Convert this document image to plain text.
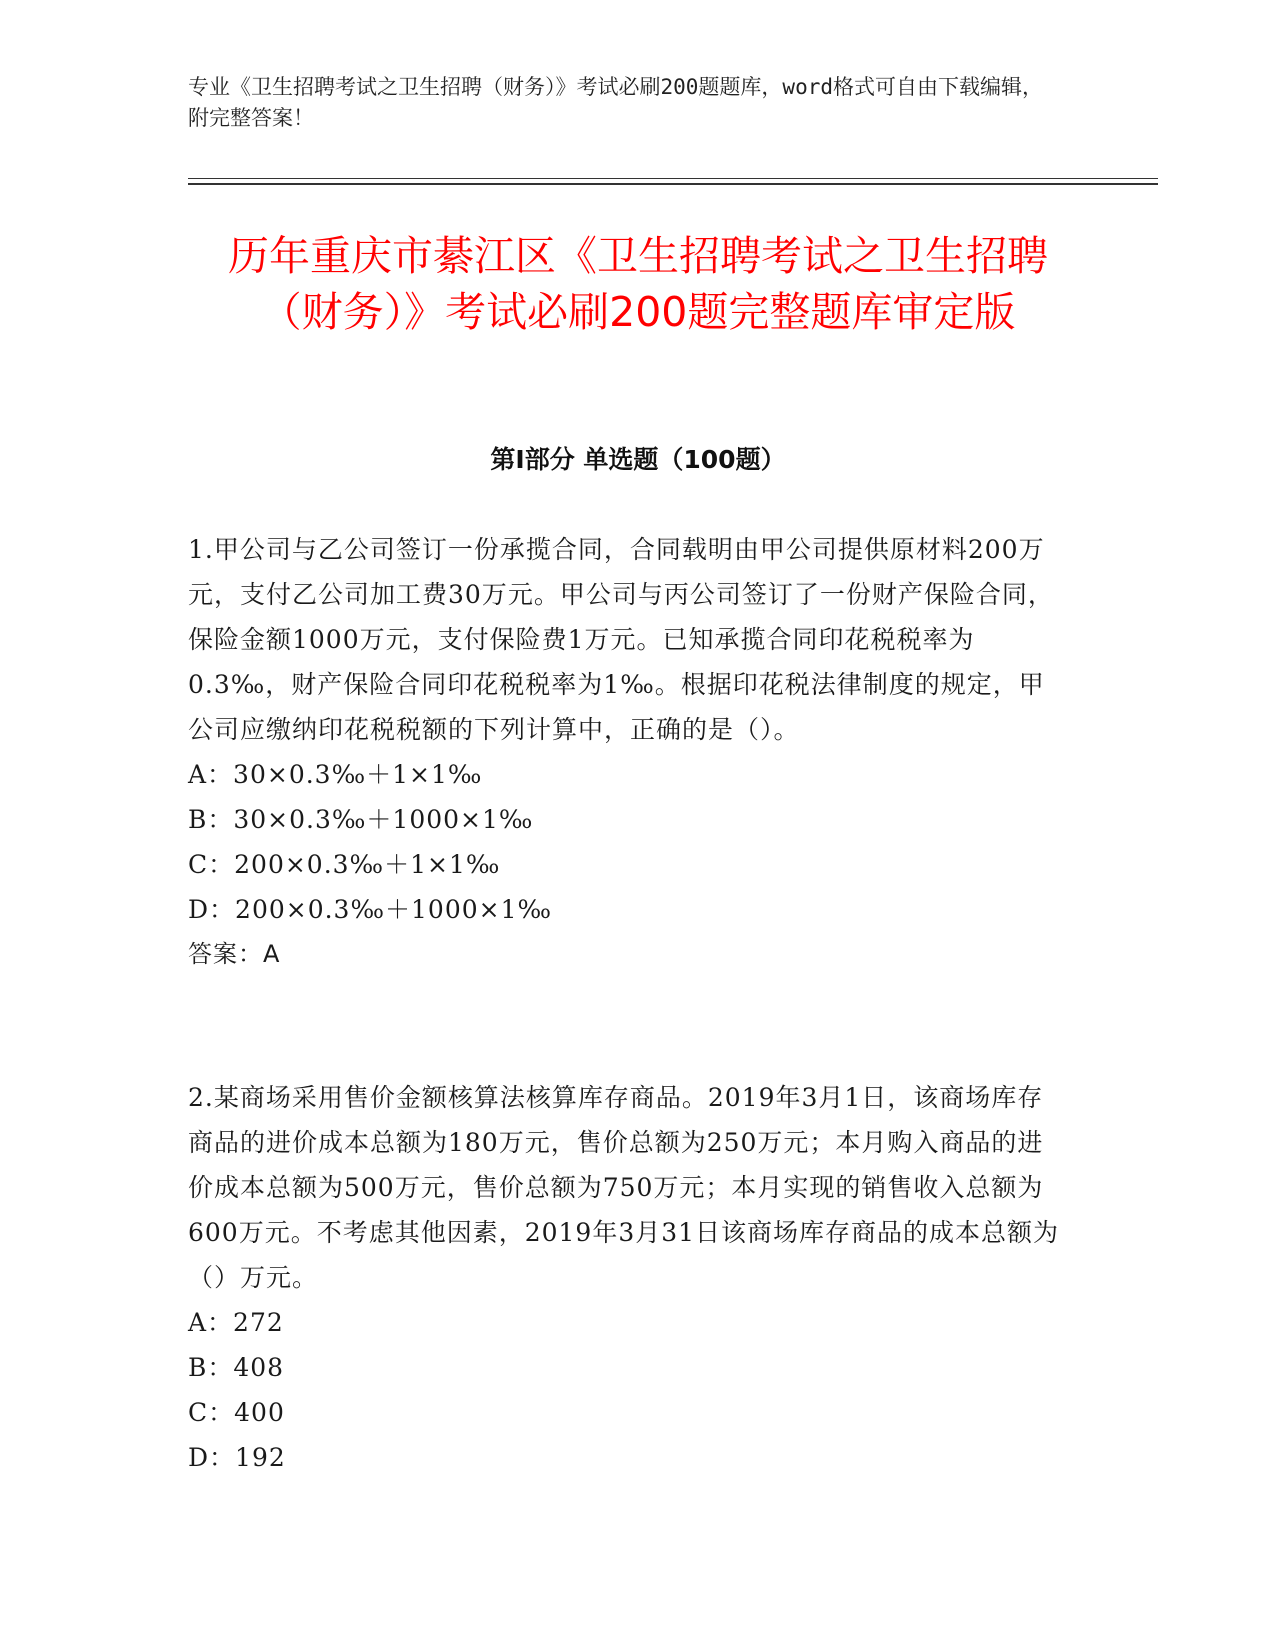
专业《卫生招聘考试之卫生招聘（财务）》考试必刷200题题库，word格式可自由下载编辑，附完整答案！
历年重庆市綦江区《卫生招聘考试之卫生招聘（财务）》考试必刷200题完整题库审定版
第I部分 单选题（100题）

1.甲公司与乙公司签订一份承揽合同，合同载明由甲公司提供原材料200万元，支付乙公司加工费30万元。甲公司与丙公司签订了一份财产保险合同，保险金额1000万元，支付保险费1万元。已知承揽合同印花税税率为0.3‰，财产保险合同印花税税率为1‰。根据印花税法律制度的规定，甲公司应缴纳印花税税额的下列计算中，正确的是（）。

A：30×0.3‰＋1×1‰

B：30×0.3‰＋1000×1‰

C：200×0.3‰＋1×1‰

D：200×0.3‰＋1000×1‰

答案：A

2.某商场采用售价金额核算法核算库存商品。2019年3月1日，该商场库存商品的进价成本总额为180万元，售价总额为250万元；本月购入商品的进价成本总额为500万元，售价总额为750万元；本月实现的销售收入总额为600万元。不考虑其他因素，2019年3月31日该商场库存商品的成本总额为（）万元。

A：272

B：408

C：400

D：192
